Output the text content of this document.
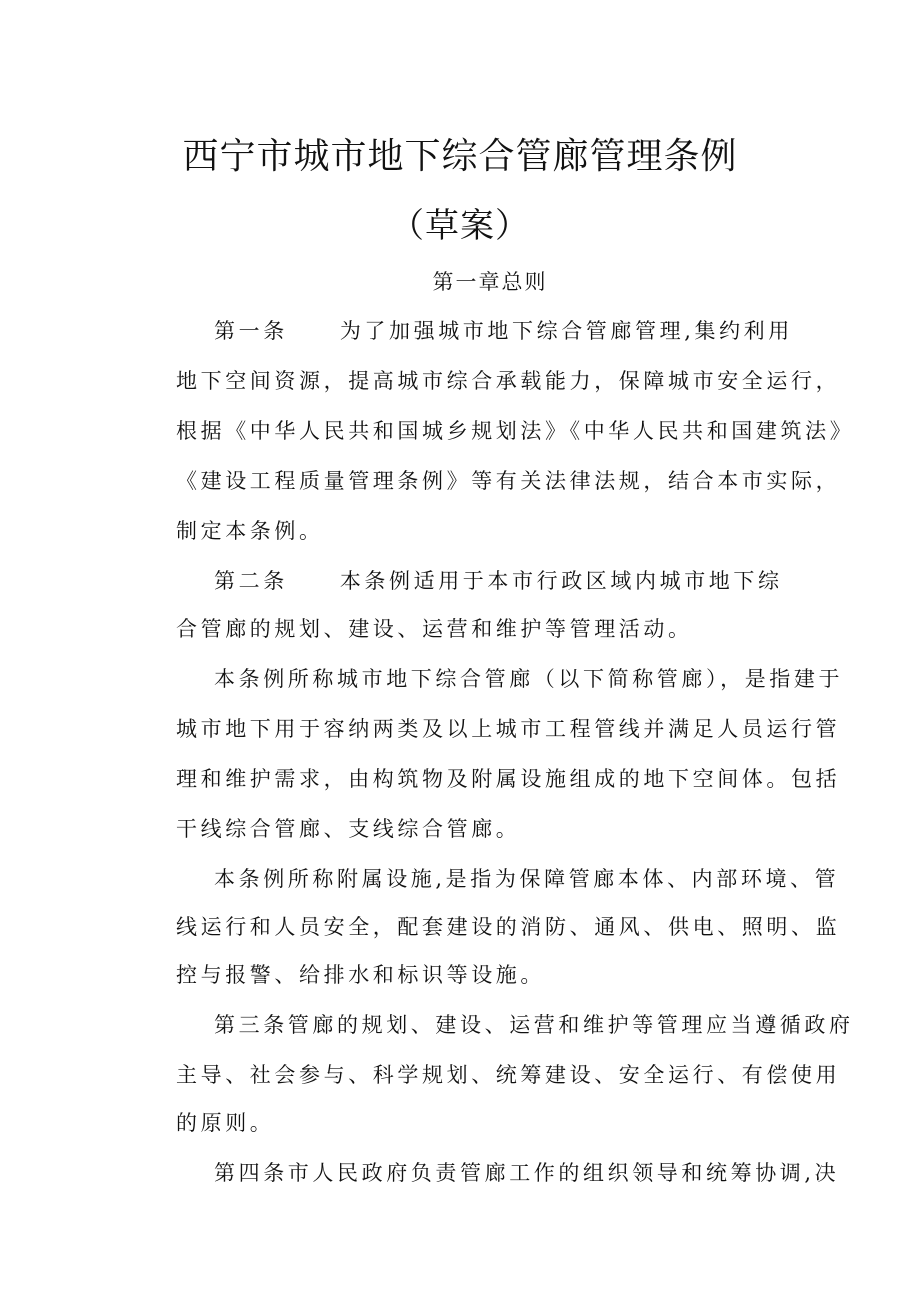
西宁市城市地下综合管廊管理条例
（草案）
第一章总则
第一条 为了加强城市地下综合管廊管理,集约利用
地下空间资源，提高城市综合承载能力，保障城市安全运行，
根据《中华人民共和国城乡规划法》《中华人民共和国建筑法》
《建设工程质量管理条例》等有关法律法规，结合本市实际，
制定本条例。
第二条 本条例适用于本市行政区域内城市地下综
合管廊的规划、建设、运营和维护等管理活动。
本条例所称城市地下综合管廊（以下简称管廊），是指建于
城市地下用于容纳两类及以上城市工程管线并满足人员运行管
理和维护需求，由构筑物及附属设施组成的地下空间体。包括
干线综合管廊、支线综合管廊。
本条例所称附属设施,是指为保障管廊本体、内部环境、管
线运行和人员安全，配套建设的消防、通风、供电、照明、监
控与报警、给排水和标识等设施。
第三条管廊的规划、建设、运营和维护等管理应当遵循政府
主导、社会参与、科学规划、统筹建设、安全运行、有偿使用
的原则。
第四条市人民政府负责管廊工作的组织领导和统筹协调,决
